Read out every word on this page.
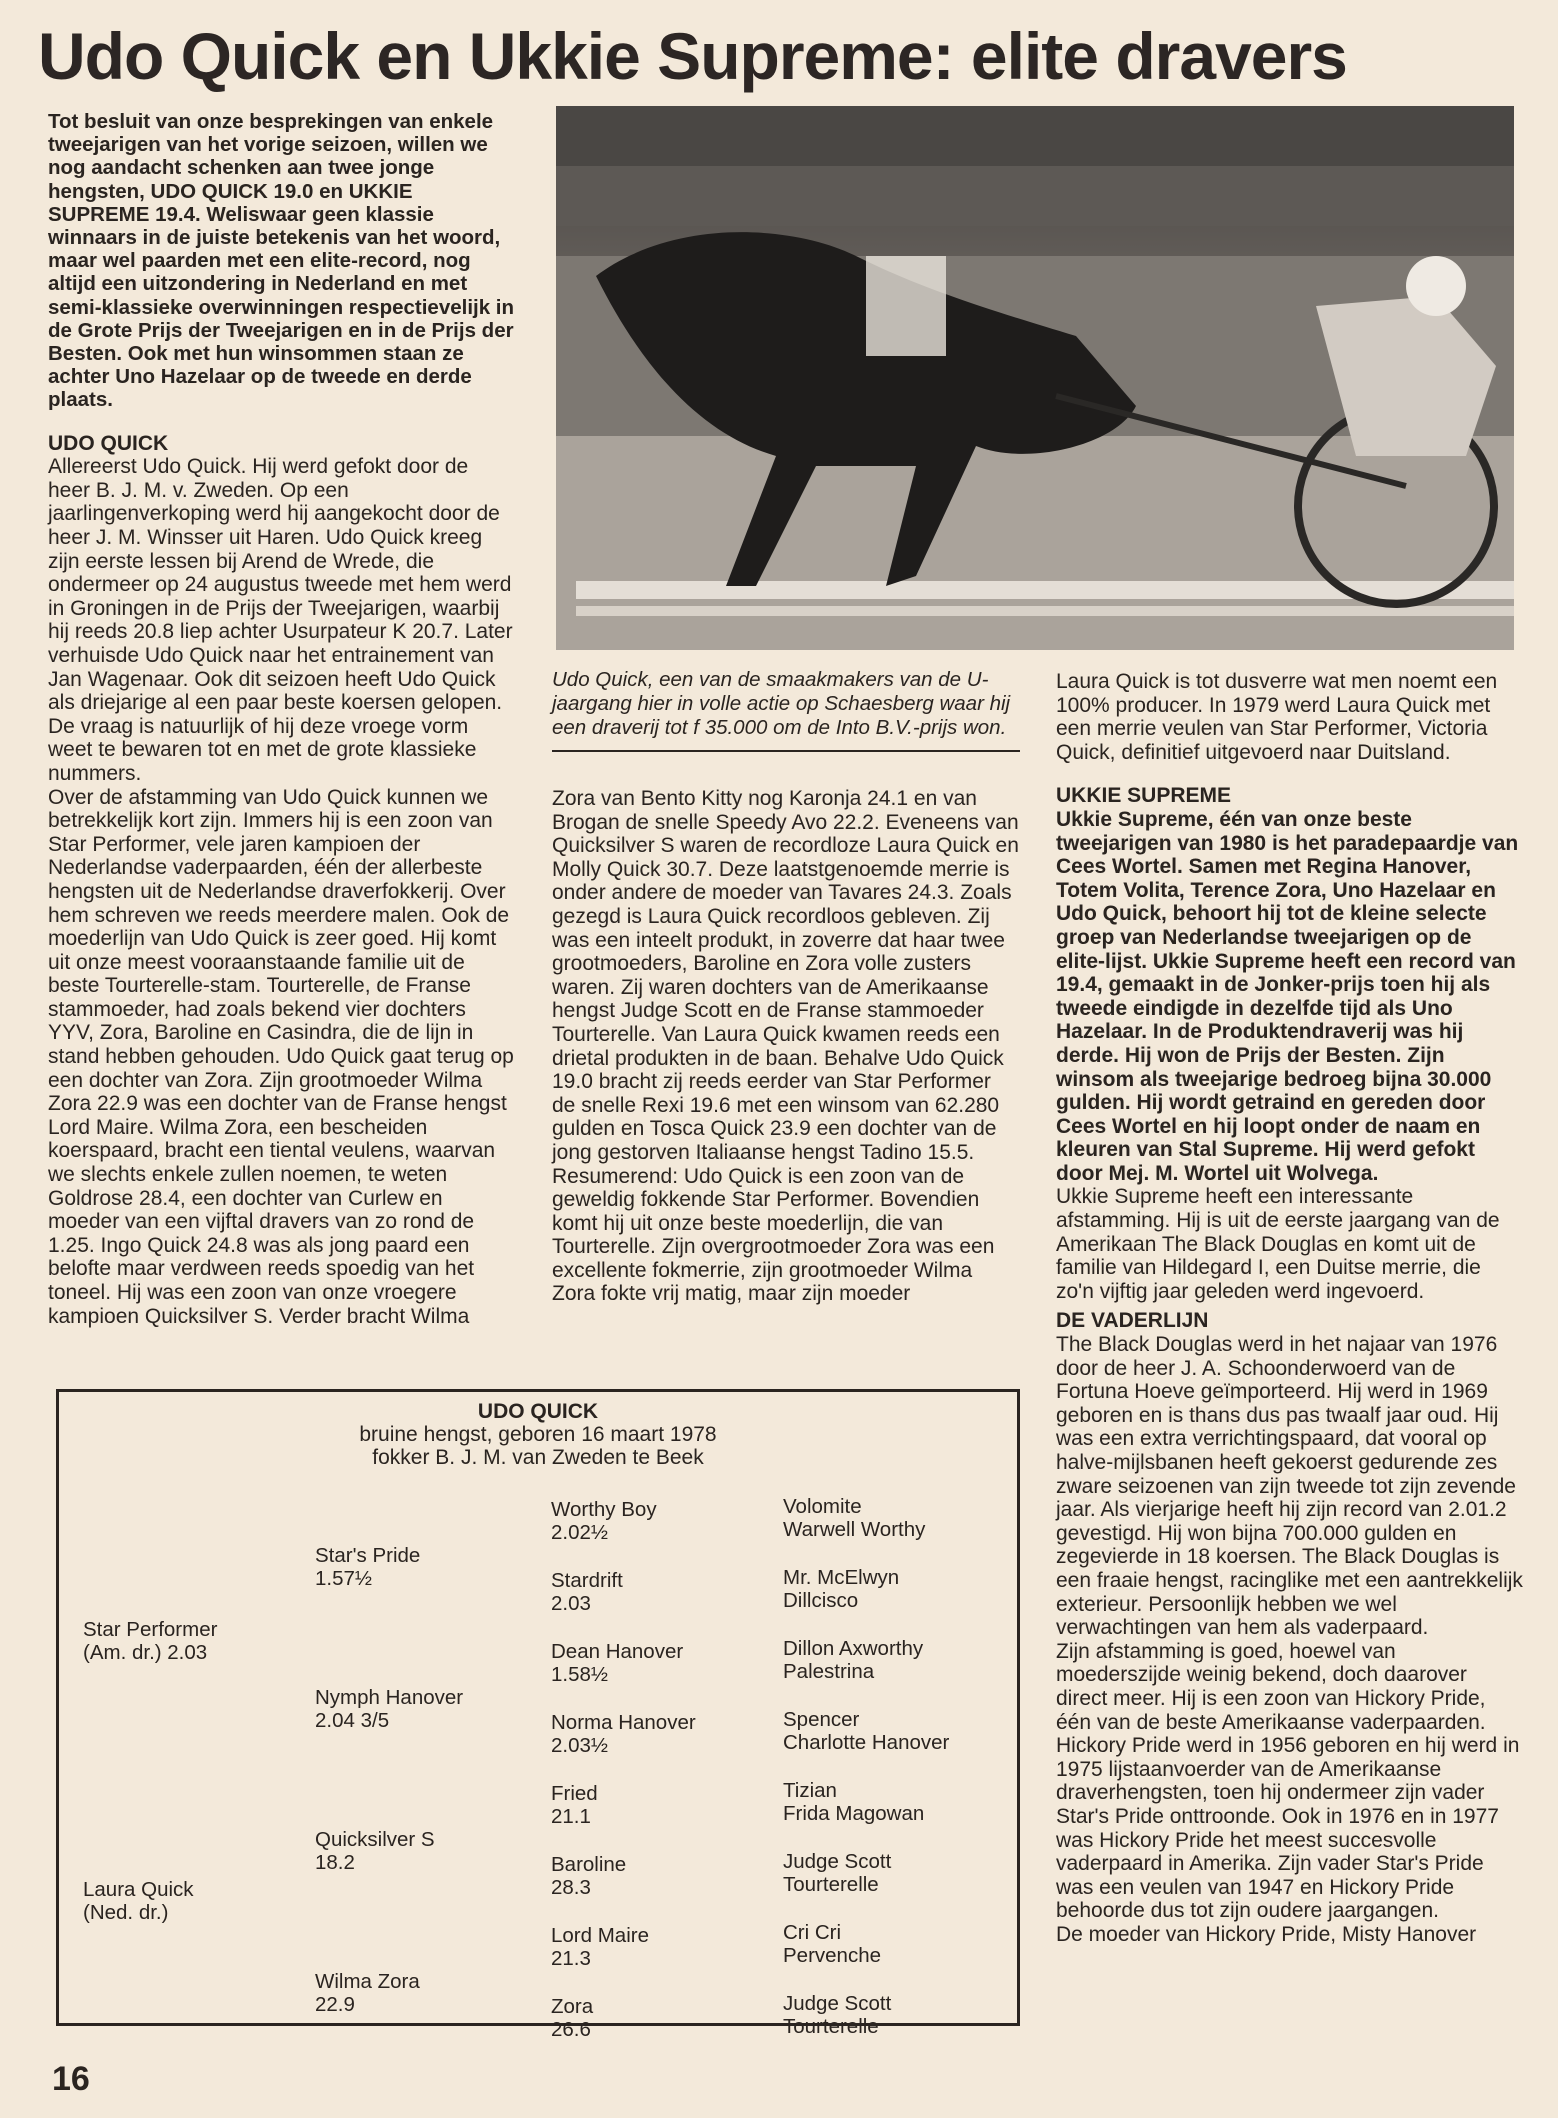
Udo Quick en Ukkie Supreme: elite dravers

Tot besluit van onze besprekingen van enkele tweejarigen van het vorige seizoen, willen we nog aandacht schenken aan twee jonge hengsten, UDO QUICK 19.0 en UKKIE SUPREME 19.4. Weliswaar geen klassie winnaars in de juiste betekenis van het woord, maar wel paarden met een elite-record, nog altijd een uitzondering in Nederland en met semi-klassieke overwinningen respectievelijk in de Grote Prijs der Tweejarigen en in de Prijs der Besten. Ook met hun winsommen staan ze achter Uno Hazelaar op de tweede en derde plaats.

UDO QUICK

Allereerst Udo Quick. Hij werd gefokt door de heer B. J. M. v. Zweden. Op een jaarlingenverkoping werd hij aangekocht door de heer J. M. Winsser uit Haren. Udo Quick kreeg zijn eerste lessen bij Arend de Wrede, die ondermeer op 24 augustus tweede met hem werd in Groningen in de Prijs der Tweejarigen, waarbij hij reeds 20.8 liep achter Usurpateur K 20.7. Later verhuisde Udo Quick naar het entrainement van Jan Wagenaar. Ook dit seizoen heeft Udo Quick als driejarige al een paar beste koersen gelopen. De vraag is natuurlijk of hij deze vroege vorm weet te bewaren tot en met de grote klassieke nummers.

Over de afstamming van Udo Quick kunnen we betrekkelijk kort zijn. Immers hij is een zoon van Star Performer, vele jaren kampioen der Nederlandse vaderpaarden, één der allerbeste hengsten uit de Nederlandse draverfokkerij. Over hem schreven we reeds meerdere malen. Ook de moederlijn van Udo Quick is zeer goed. Hij komt uit onze meest vooraanstaande familie uit de beste Tourterelle-stam. Tourterelle, de Franse stammoeder, had zoals bekend vier dochters YYV, Zora, Baroline en Casindra, die de lijn in stand hebben gehouden. Udo Quick gaat terug op een dochter van Zora. Zijn grootmoeder Wilma Zora 22.9 was een dochter van de Franse hengst Lord Maire. Wilma Zora, een bescheiden koerspaard, bracht een tiental veulens, waarvan we slechts enkele zullen noemen, te weten Goldrose 28.4, een dochter van Curlew en moeder van een vijftal dravers van zo rond de 1.25. Ingo Quick 24.8 was als jong paard een belofte maar verdween reeds spoedig van het toneel. Hij was een zoon van onze vroegere kampioen Quicksilver S. Verder bracht Wilma

Udo Quick, een van de smaakmakers van de U-jaargang hier in volle actie op Schaesberg waar hij een draverij tot f 35.000 om de Into B.V.-prijs won.

Zora van Bento Kitty nog Karonja 24.1 en van Brogan de snelle Speedy Avo 22.2. Eveneens van Quicksilver S waren de recordloze Laura Quick en Molly Quick 30.7. Deze laatstgenoemde merrie is onder andere de moeder van Tavares 24.3. Zoals gezegd is Laura Quick recordloos gebleven. Zij was een inteelt produkt, in zoverre dat haar twee grootmoeders, Baroline en Zora volle zusters waren. Zij waren dochters van de Amerikaanse hengst Judge Scott en de Franse stammoeder Tourterelle. Van Laura Quick kwamen reeds een drietal produkten in de baan. Behalve Udo Quick 19.0 bracht zij reeds eerder van Star Performer de snelle Rexi 19.6 met een winsom van 62.280 gulden en Tosca Quick 23.9 een dochter van de jong gestorven Italiaanse hengst Tadino 15.5. Resumerend: Udo Quick is een zoon van de geweldig fokkende Star Performer. Bovendien komt hij uit onze beste moederlijn, die van Tourterelle. Zijn overgrootmoeder Zora was een excellente fokmerrie, zijn grootmoeder Wilma Zora fokte vrij matig, maar zijn moeder

Laura Quick is tot dusverre wat men noemt een 100% producer. In 1979 werd Laura Quick met een merrie veulen van Star Performer, Victoria Quick, definitief uitgevoerd naar Duitsland.

UKKIE SUPREME

Ukkie Supreme, één van onze beste tweejarigen van 1980 is het paradepaardje van Cees Wortel. Samen met Regina Hanover, Totem Volita, Terence Zora, Uno Hazelaar en Udo Quick, behoort hij tot de kleine selecte groep van Nederlandse tweejarigen op de elite-lijst. Ukkie Supreme heeft een record van 19.4, gemaakt in de Jonker-prijs toen hij als tweede eindigde in dezelfde tijd als Uno Hazelaar. In de Produktendraverij was hij derde. Hij won de Prijs der Besten. Zijn winsom als tweejarige bedroeg bijna 30.000 gulden. Hij wordt getraind en gereden door Cees Wortel en hij loopt onder de naam en kleuren van Stal Supreme. Hij werd gefokt door Mej. M. Wortel uit Wolvega.

Ukkie Supreme heeft een interessante afstamming. Hij is uit de eerste jaargang van de Amerikaan The Black Douglas en komt uit de familie van Hildegard I, een Duitse merrie, die zo'n vijftig jaar geleden werd ingevoerd.

DE VADERLIJN

The Black Douglas werd in het najaar van 1976 door de heer J. A. Schoonderwoerd van de Fortuna Hoeve geïmporteerd. Hij werd in 1969 geboren en is thans dus pas twaalf jaar oud. Hij was een extra verrichtingspaard, dat vooral op halve-mijlsbanen heeft gekoerst gedurende zes zware seizoenen van zijn tweede tot zijn zevende jaar. Als vierjarige heeft hij zijn record van 2.01.2 gevestigd. Hij won bijna 700.000 gulden en zegevierde in 18 koersen. The Black Douglas is een fraaie hengst, racinglike met een aantrekkelijk exterieur. Persoonlijk hebben we wel verwachtingen van hem als vaderpaard.

Zijn afstamming is goed, hoewel van moederszijde weinig bekend, doch daarover direct meer. Hij is een zoon van Hickory Pride, één van de beste Amerikaanse vaderpaarden. Hickory Pride werd in 1956 geboren en hij werd in 1975 lijstaanvoerder van de Amerikaanse draverhengsten, toen hij ondermeer zijn vader Star's Pride onttroonde. Ook in 1976 en in 1977 was Hickory Pride het meest succesvolle vaderpaard in Amerika. Zijn vader Star's Pride was een veulen van 1947 en Hickory Pride behoorde dus tot zijn oudere jaargangen.

De moeder van Hickory Pride, Misty Hanover

UDO QUICK
bruine hengst, geboren 16 maart 1978
fokker B. J. M. van Zweden te Beek
Star Performer
(Am. dr.) 2.03
Laura Quick
(Ned. dr.)
Star's Pride
1.57½
Nymph Hanover
2.04 3/5
Quicksilver S
18.2
Wilma Zora
22.9
Worthy Boy
2.02½
Stardrift
2.03
Dean Hanover
1.58½
Norma Hanover
2.03½
Fried
21.1
Baroline
28.3
Lord Maire
21.3
Zora
26.6
Volomite
Warwell Worthy
Mr. McElwyn
Dillcisco
Dillon Axworthy
Palestrina
Spencer
Charlotte Hanover
Tizian
Frida Magowan
Judge Scott
Tourterelle
Cri Cri
Pervenche
Judge Scott
Tourterelle
16
